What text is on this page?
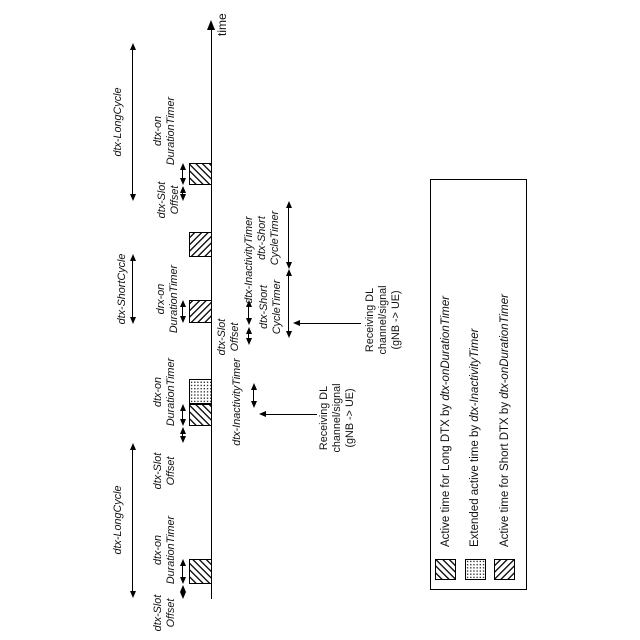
time
dtx-Slot Offset
dtx-on DurationTimer
dtx-LongCycle
dtx-Slot Offset
dtx-on DurationTimer
dtx-ShortCycle	drx-on DurationTimer
dtx-Slot Offset
dtx-on DurationTimer
dtx-LongCycle
dtx-InactivityTimer
dtx-Slot Offset
dtx-InactivityTimer
dtx-Short CycleTimer
dtx-Short CycleTimer
Receiving DL channel/signal (gNB -> UE)
Receiving DL channel/signal (gNB -> UE)
Active time for Long DTX by dtx-onDurationTimer
Extended active time by dtx-InactivityTimer
Active time for Short DTX by dtx-onDurationTimer
